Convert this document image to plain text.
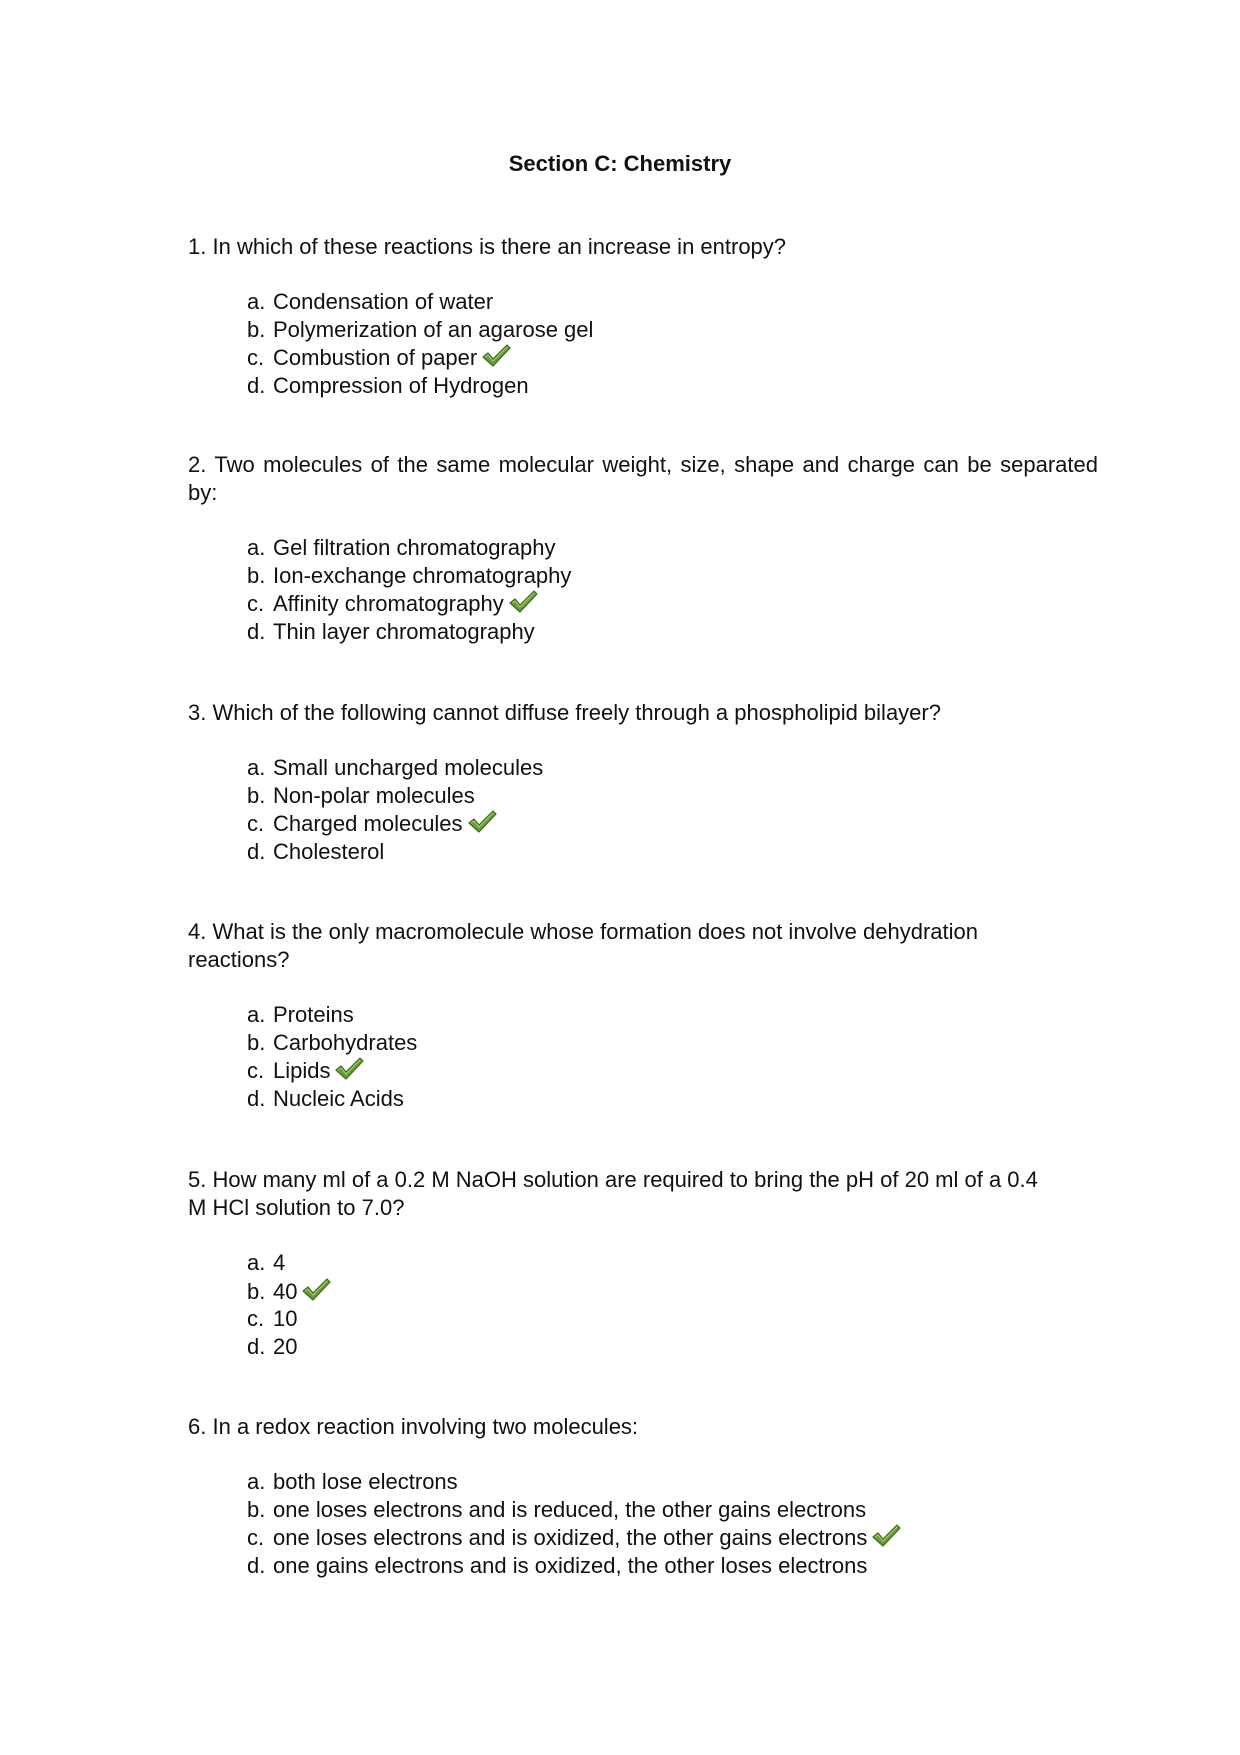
Section C: Chemistry

1. In which of these reactions is there an increase in entropy?

a. Condensation of water
b. Polymerization of an agarose gel
c. Combustion of paper
d. Compression of Hydrogen

2. Two molecules of the same molecular weight, size, shape and charge can be separated by:

a. Gel filtration chromatography
b. Ion-exchange chromatography
c. Affinity chromatography
d. Thin layer chromatography

3. Which of the following cannot diffuse freely through a phospholipid bilayer?

a. Small uncharged molecules
b. Non-polar molecules
c. Charged molecules
d. Cholesterol

4. What is the only macromolecule whose formation does not involve dehydration reactions?

a. Proteins
b. Carbohydrates
c. Lipids
d. Nucleic Acids

5. How many ml of a 0.2 M NaOH solution are required to bring the pH of 20 ml of a 0.4 M HCl solution to 7.0?

a. 4
b. 40
c. 10
d. 20

6. In a redox reaction involving two molecules:

a. both lose electrons
b. one loses electrons and is reduced, the other gains electrons
c. one loses electrons and is oxidized, the other gains electrons
d. one gains electrons and is oxidized, the other loses electrons
